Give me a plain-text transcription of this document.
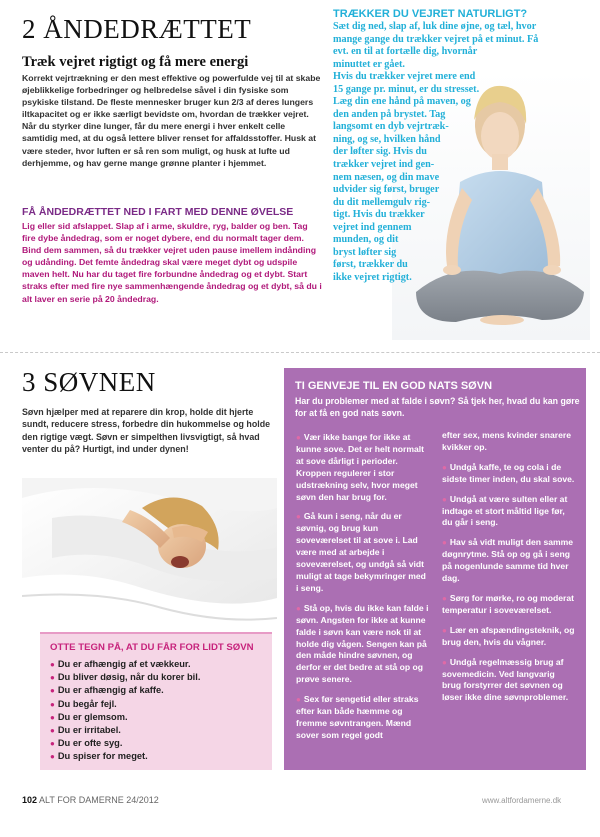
2 ÅNDEDRÆTTET
Træk vejret rigtigt og få mere energi
Korrekt vejrtrækning er den mest effektive og powerfulde vej til at skabe øjeblikkelige forbedringer og helbredelse såvel i din fysiske som psykiske tilstand. De fleste mennesker bruger kun 2/3 af deres lungers iltkapacitet og er ikke særligt bevidste om, hvordan de trækker vejret. Når du styrker dine lunger, får du mere energi i hver enkelt celle samtidig med, at du også lettere bliver renset for affaldsstoffer. Husk at være steder, hvor luften er så ren som muligt, og husk at lufte ud derhjemme, og hav gerne mange grønne planter i hjemmet.
FÅ ÅNDEDRÆTTET NED I FART MED DENNE ØVELSE
Lig eller sid afslappet. Slap af i arme, skuldre, ryg, balder og ben. Tag fire dybe åndedrag, som er noget dybere, end du normalt tager dem. Bind dem sammen, så du trækker vejret uden pause imellem indånding og udånding. Det femte åndedrag skal være meget dybt og udspile maven helt. Nu har du taget fire forbundne åndedrag og et dybt. Start straks efter med fire nye sammenhængende åndedrag og et dybt, så du i alt laver en serie på 20 åndedrag.
TRÆKKER DU VEJRET NATURLIGT?
Sæt dig ned, slap af, luk dine øjne, og tæl, hvor
mange gange du trækker vejret på et minut. Få
evt. en til at fortælle dig, hvornår
minuttet er gået.
Hvis du trækker vejret mere end
15 gange pr. minut, er du stresset.
Læg din ene hånd på maven, og
den anden på brystet. Tag
langsomt en dyb vejrtræk-
ning, og se, hvilken hånd
der løfter sig. Hvis du
trækker vejret ind gen-
nem næsen, og din mave
udvider sig først, bruger
du dit mellemgulv rig-
tigt. Hvis du trækker
vejret ind gennem
munden, og dit
bryst løfter sig
først, trækker du
ikke vejret rigtigt.
3 SØVNEN
Søvn hjælper med at reparere din krop, holde dit hjerte sundt, reducere stress, forbedre din hukommelse og holde den rigtige vægt. Søvn er simpelthen livsvigtigt, så hvad venter du på? Hurtigt, ind under dynen!
OTTE TEGN PÅ, AT DU FÅR FOR LIDT SØVN
● Du er afhængig af et vækkeur.
● Du bliver døsig, når du korer bil.
● Du er afhængig af kaffe.
● Du begår fejl.
● Du er glemsom.
● Du er irritabel.
● Du er ofte syg.
● Du spiser for meget.
TI GENVEJE TIL EN GOD NATS SØVN
Har du problemer med at falde i søvn? Så tjek her, hvad du kan gøre for at få en god nats søvn.

● Vær ikke bange for ikke at kunne sove. Det er helt normalt at sove dårligt i perioder. Kroppen regulerer i stor udstrækning selv, hvor meget søvn den har brug for.

● Gå kun i seng, når du er søvnig, og brug kun soveværelset til at sove i. Lad være med at arbejde i soveværelset, og undgå så vidt muligt at tage bekymringer med i seng.

● Stå op, hvis du ikke kan falde i søvn. Angsten for ikke at kunne falde i søvn kan være nok til at holde dig vågen. Sengen kan på den måde hindre søvnen, og derfor er det bedre at stå op og prøve senere.

● Sex før sengetid eller straks efter kan både hæmme og fremme søvntrangen. Mænd sover som regel godt

efter sex, mens kvinder snarere kvikker op.

● Undgå kaffe, te og cola i de sidste timer inden, du skal sove.

● Undgå at være sulten eller at indtage et stort måltid lige før, du går i seng.

● Hav så vidt muligt den samme døgnrytme. Stå op og gå i seng på nogenlunde samme tid hver dag.

● Sørg for mørke, ro og moderat temperatur i soveværelset.

● Lær en afspændingsteknik, og brug den, hvis du vågner.

● Undgå regelmæssig brug af sovemedicin. Ved langvarig brug forstyrrer det søvnen og løser ikke dine søvnproblemer.

102 ALT FOR DAMERNE 24/2012	www.altfordamerne.dk
